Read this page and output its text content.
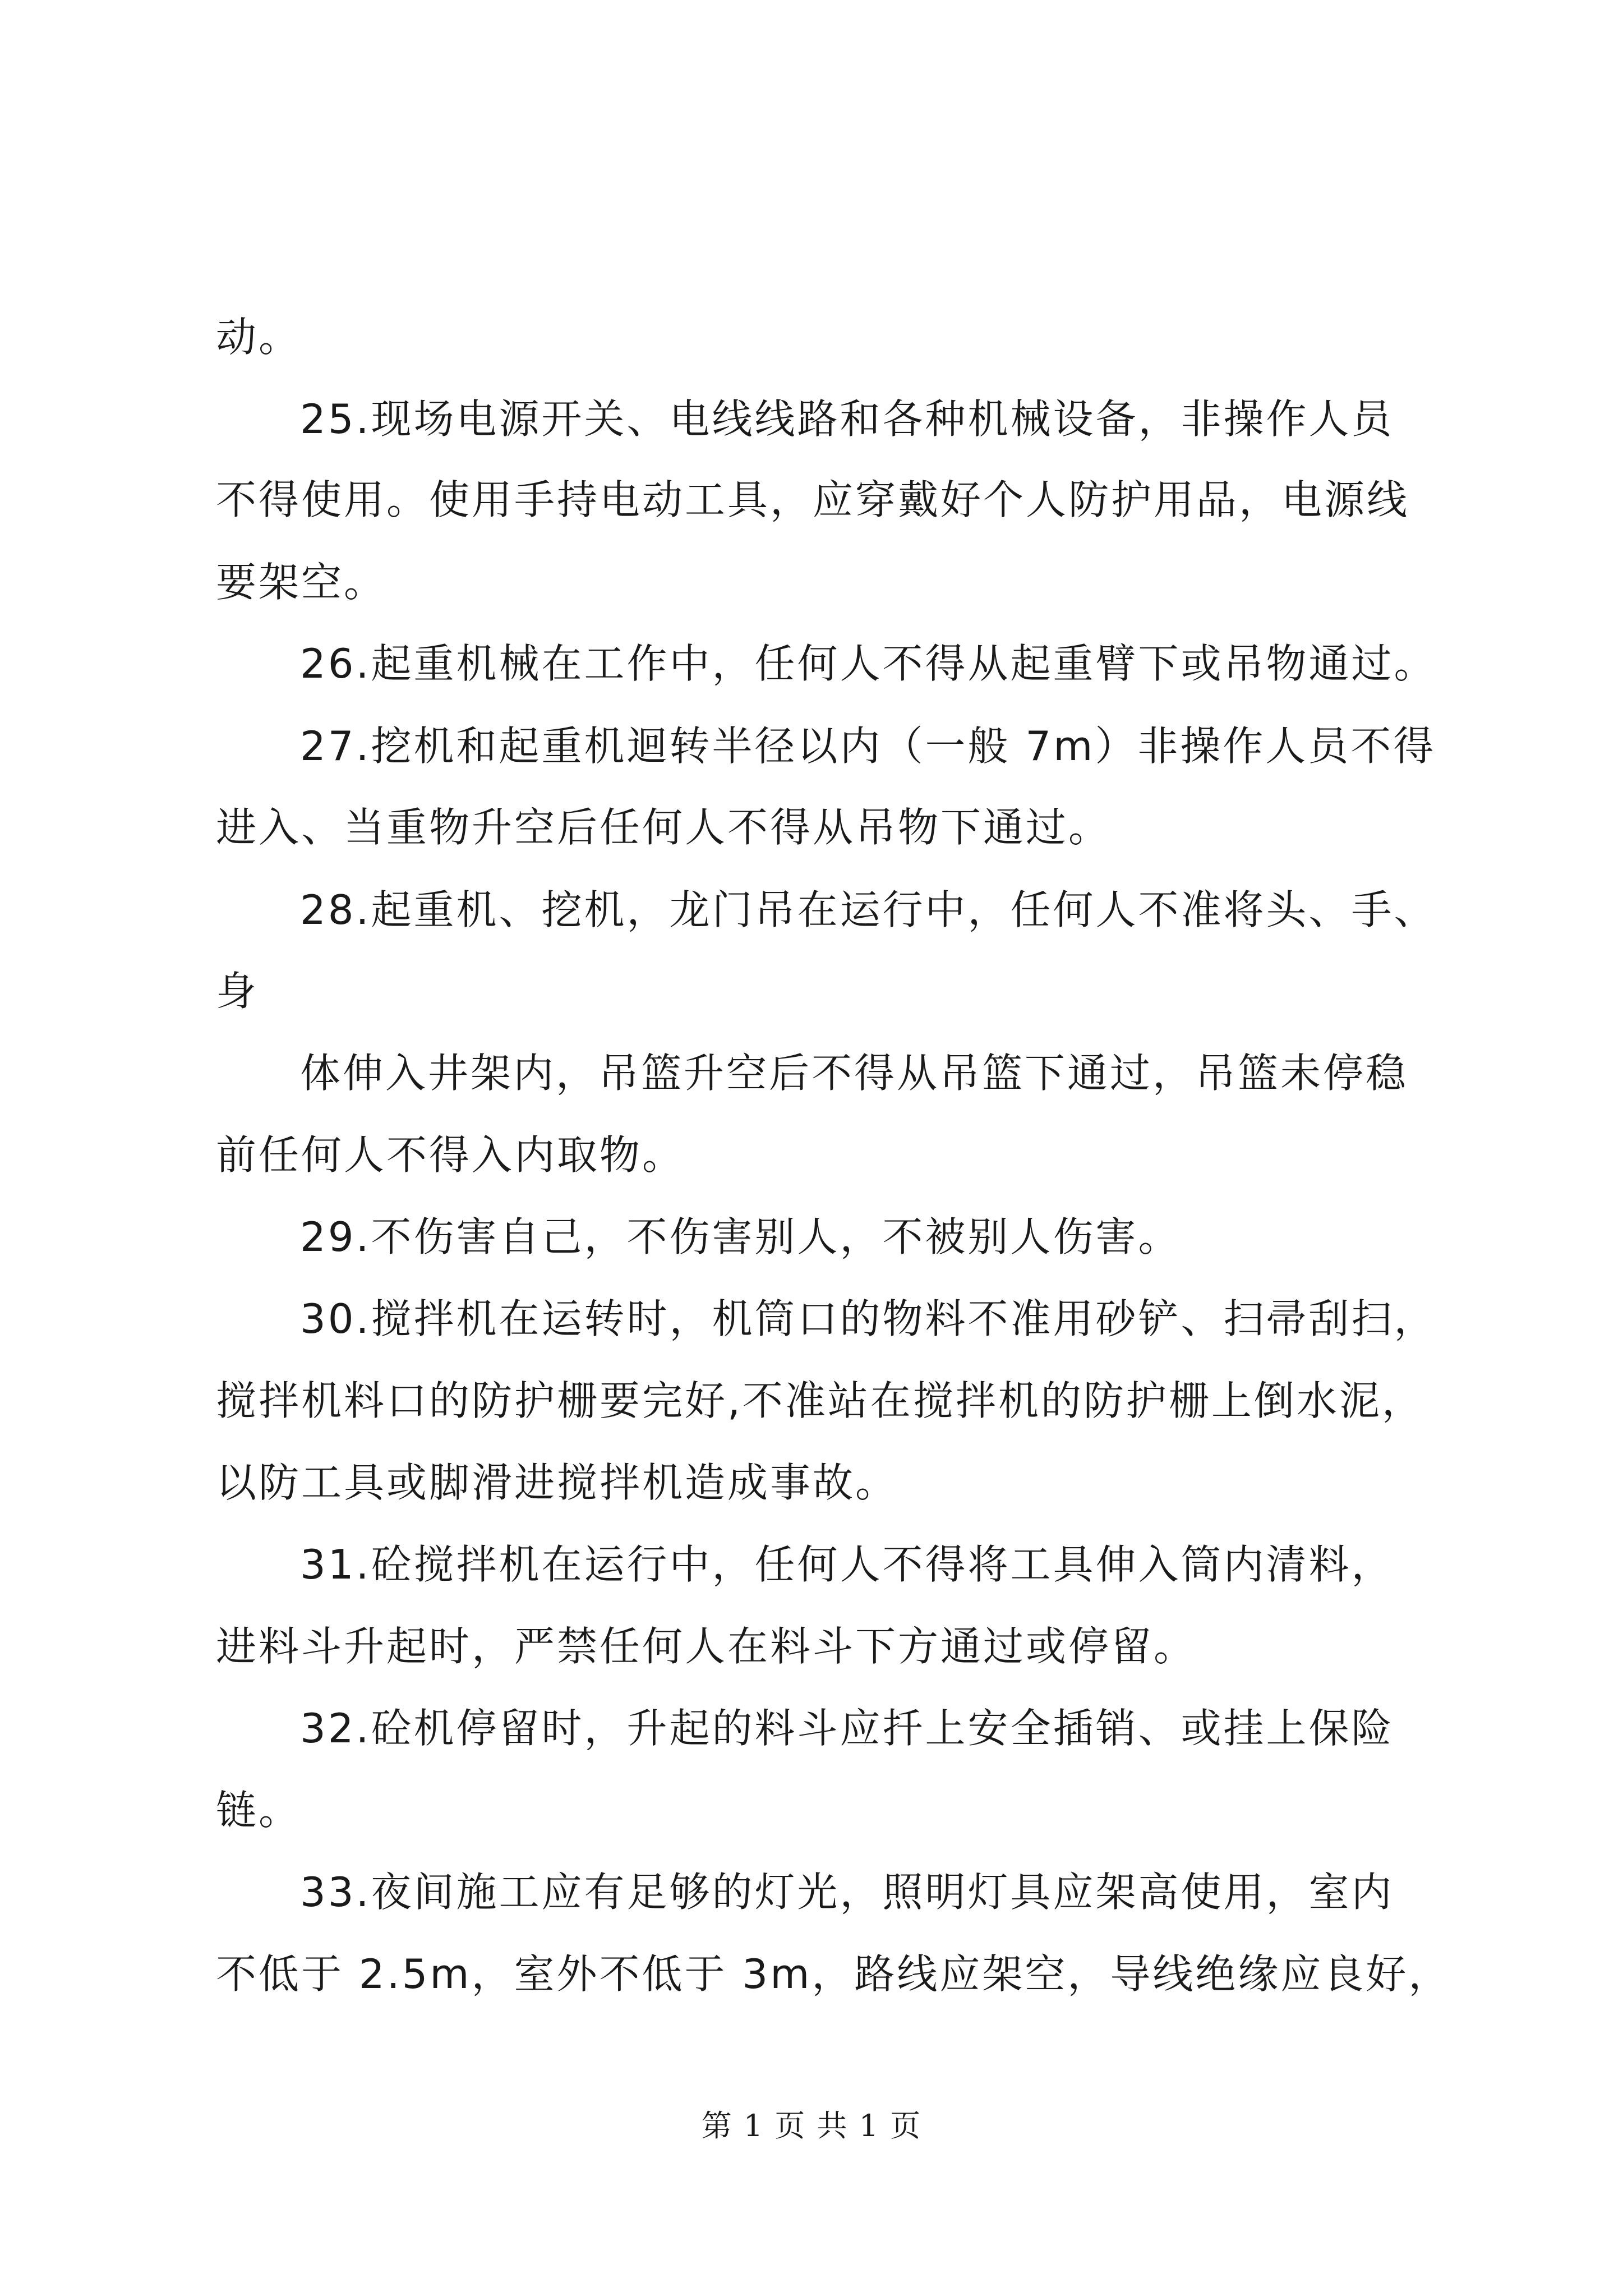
动。

25.现场电源开关、电线线路和各种机械设备，非操作人员

不得使用。使用手持电动工具，应穿戴好个人防护用品，电源线

要架空。

26.起重机械在工作中，任何人不得从起重臂下或吊物通过。

27.挖机和起重机迴转半径以内（一般 7m）非操作人员不得

进入、当重物升空后任何人不得从吊物下通过。

28.起重机、挖机，龙门吊在运行中，任何人不准将头、手、

身

体伸入井架内，吊篮升空后不得从吊篮下通过，吊篮未停稳

前任何人不得入内取物。

29.不伤害自己，不伤害别人，不被别人伤害。

30.搅拌机在运转时，机筒口的物料不准用砂铲、扫帚刮扫，

搅拌机料口的防护栅要完好,不准站在搅拌机的防护栅上倒水泥，

以防工具或脚滑进搅拌机造成事故。

31.砼搅拌机在运行中，任何人不得将工具伸入筒内清料，

进料斗升起时，严禁任何人在料斗下方通过或停留。

32.砼机停留时，升起的料斗应扦上安全插销、或挂上保险

链。

33.夜间施工应有足够的灯光，照明灯具应架高使用，室内

不低于 2.5m，室外不低于 3m，路线应架空，导线绝缘应良好，

第 1 页 共 1 页
